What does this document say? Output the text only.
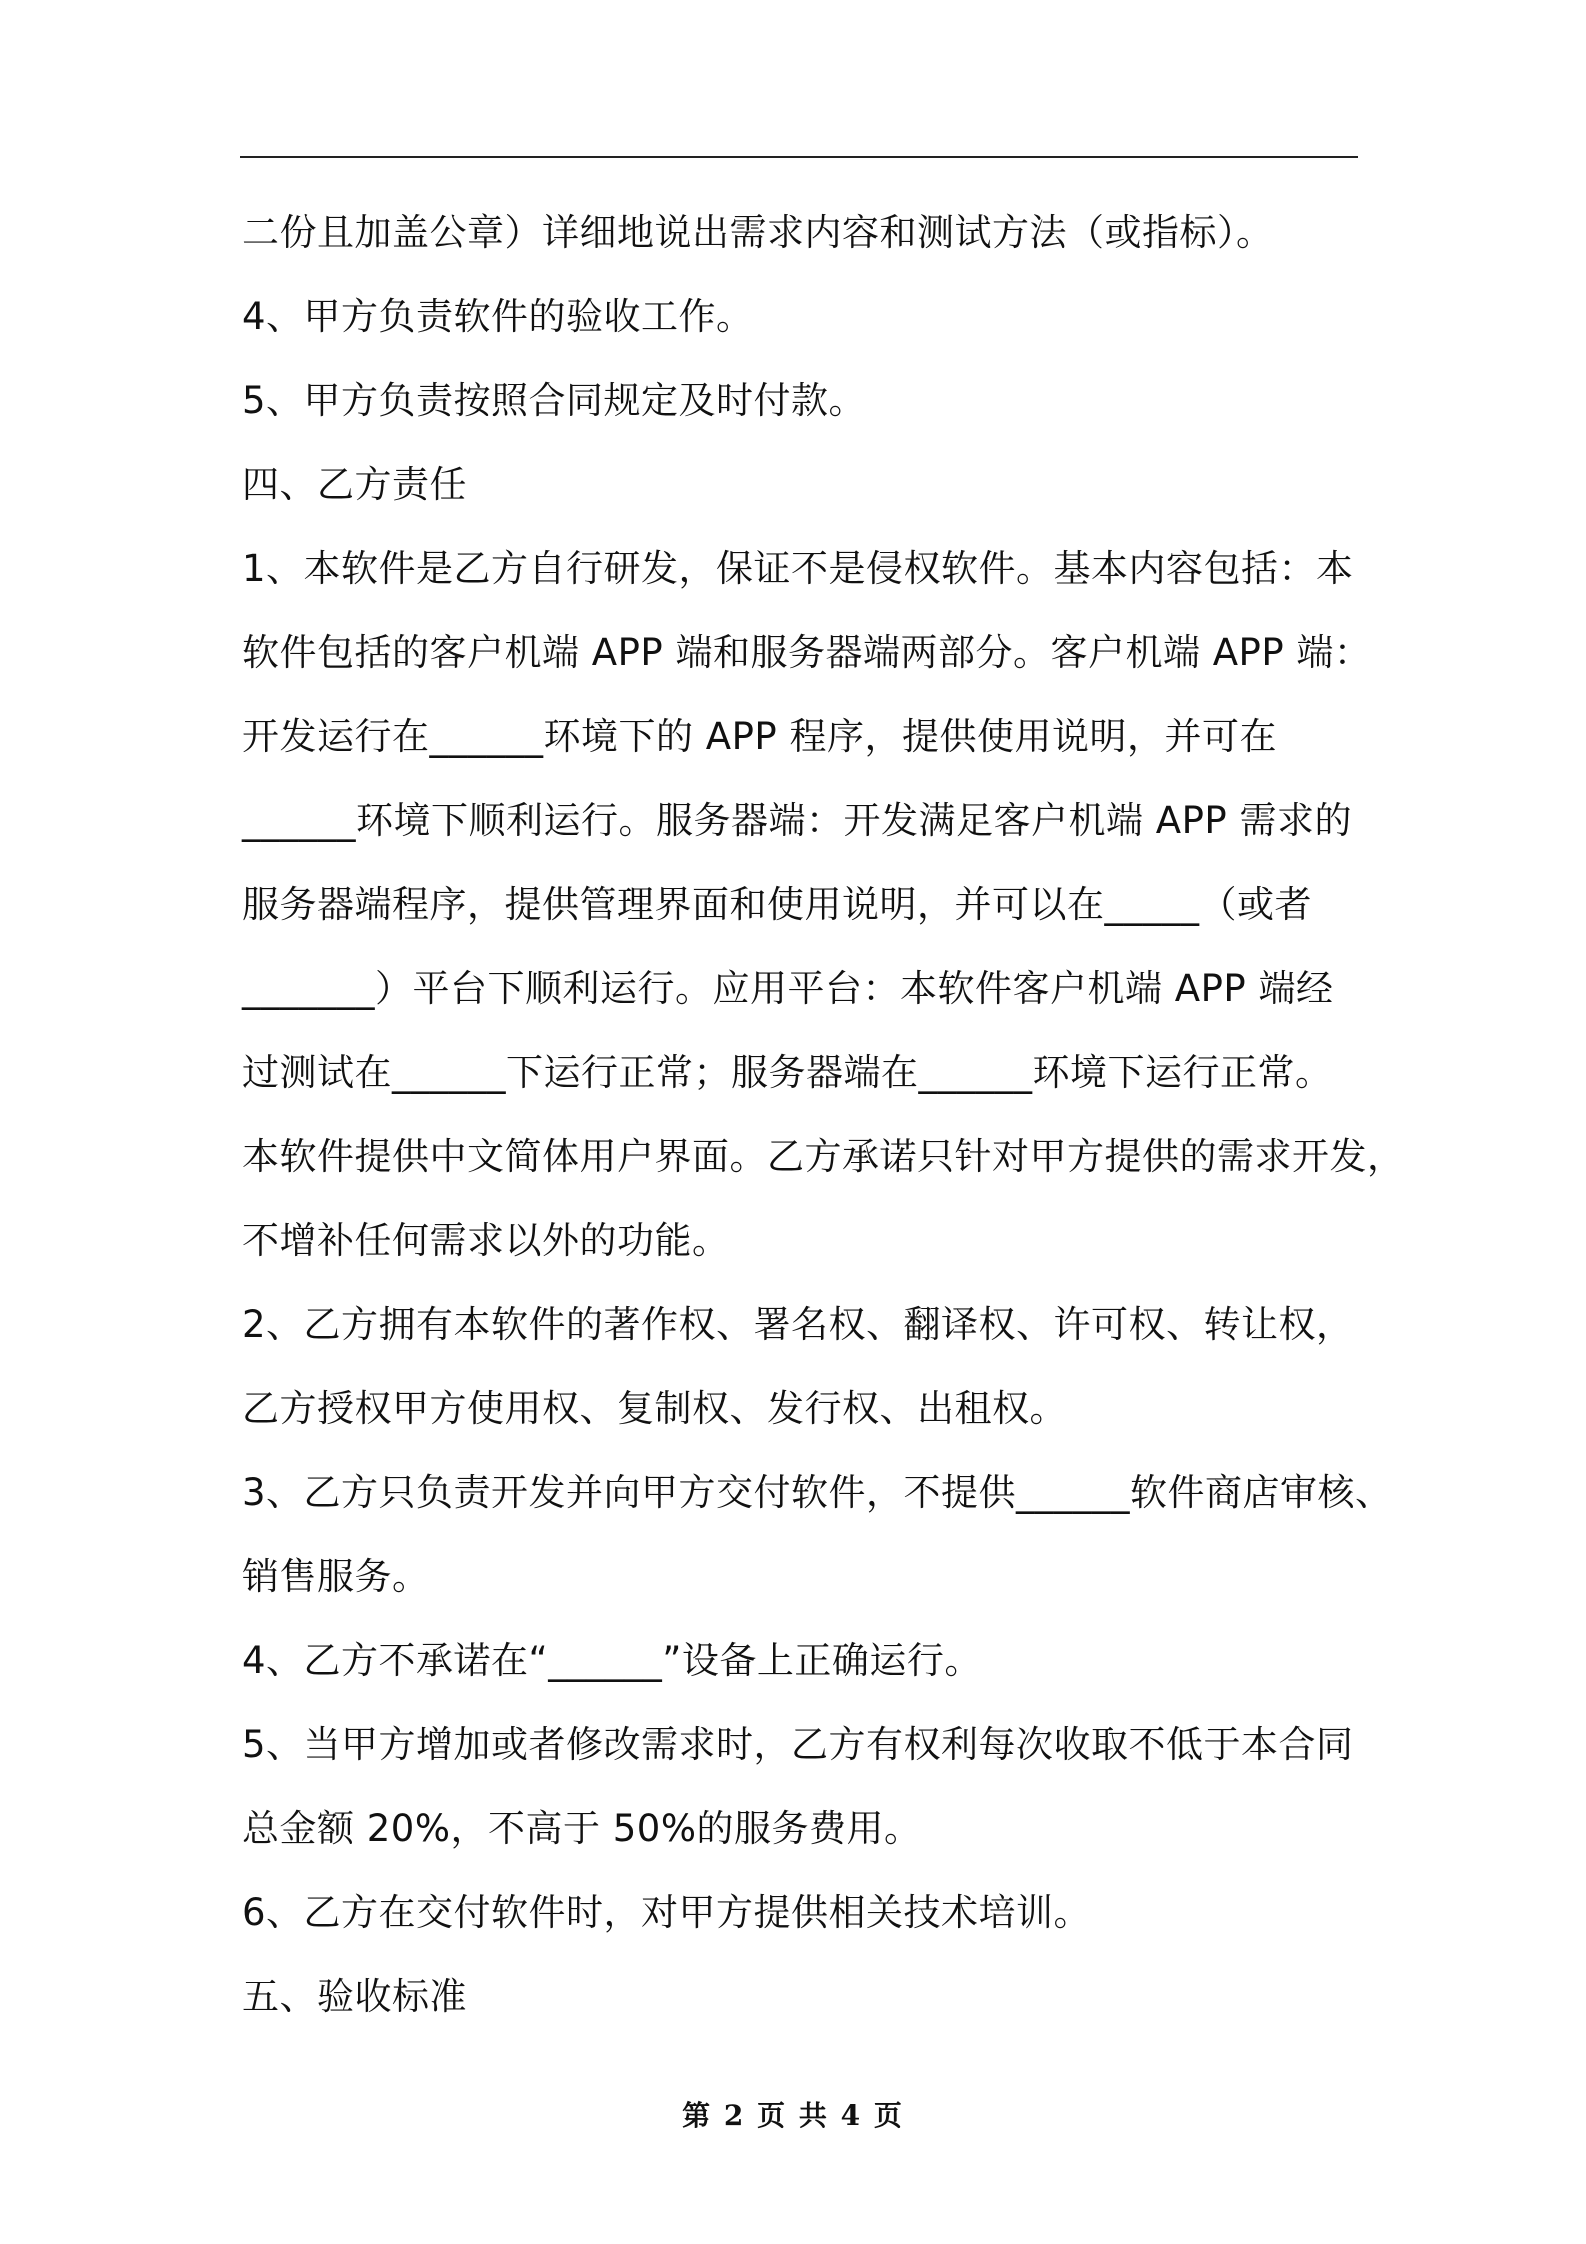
二份且加盖公章）详细地说出需求内容和测试方法（或指标）。
4、甲方负责软件的验收工作。
5、甲方负责按照合同规定及时付款。
四、乙方责任
1、本软件是乙方自行研发，保证不是侵权软件。基本内容包括：本
软件包括的客户机端 APP 端和服务器端两部分。客户机端 APP 端：
开发运行在______环境下的 APP 程序，提供使用说明，并可在
______环境下顺利运行。服务器端：开发满足客户机端 APP 需求的
服务器端程序，提供管理界面和使用说明，并可以在_____（或者
_______）平台下顺利运行。应用平台：本软件客户机端 APP 端经
过测试在______下运行正常；服务器端在______环境下运行正常。
本软件提供中文简体用户界面。乙方承诺只针对甲方提供的需求开发，
不增补任何需求以外的功能。
2、乙方拥有本软件的著作权、署名权、翻译权、许可权、转让权，
乙方授权甲方使用权、复制权、发行权、出租权。
3、乙方只负责开发并向甲方交付软件，不提供______软件商店审核、
销售服务。
4、乙方不承诺在“______”设备上正确运行。
5、当甲方增加或者修改需求时，乙方有权利每次收取不低于本合同
总金额 20%，不高于 50%的服务费用。
6、乙方在交付软件时，对甲方提供相关技术培训。
五、验收标准
第 2 页 共 4 页
